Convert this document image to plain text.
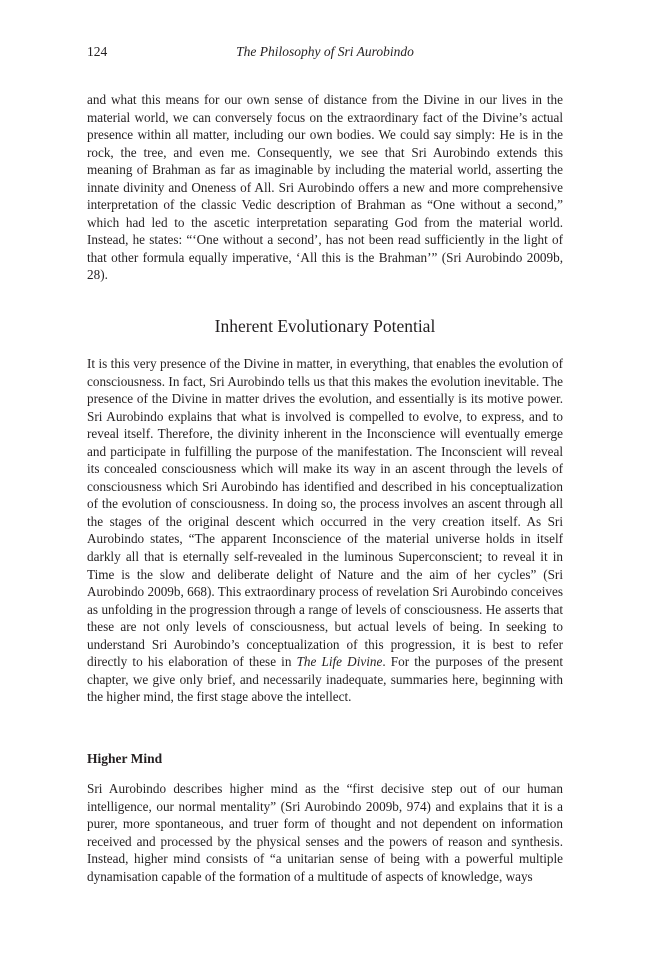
124	The Philosophy of Sri Aurobindo

and what this means for our own sense of distance from the Divine in our lives in the material world, we can conversely focus on the extraordinary fact of the Divine’s actual presence within all matter, including our own bodies. We could say simply: He is in the rock, the tree, and even me. Consequently, we see that Sri Aurobindo extends this meaning of Brahman as far as imaginable by including the material world, asserting the innate divinity and Oneness of All. Sri Aurobindo offers a new and more comprehensive interpretation of the classic Vedic description of Brahman as “One without a second,” which had led to the ascetic interpretation separating God from the material world. Instead, he states: “‘One without a second’, has not been read sufficiently in the light of that other formula equally imperative, ‘All this is the Brahman’” (Sri Aurobindo 2009b, 28).

Inherent Evolutionary Potential

It is this very presence of the Divine in matter, in everything, that enables the evolution of consciousness. In fact, Sri Aurobindo tells us that this makes the evolution inevitable. The presence of the Divine in matter drives the evolution, and essentially is its motive power. Sri Aurobindo explains that what is involved is compelled to evolve, to express, and to reveal itself. Therefore, the divinity inherent in the Inconscience will eventually emerge and participate in fulfilling the purpose of the manifestation. The Inconscient will reveal its concealed consciousness which will make its way in an ascent through the levels of consciousness which Sri Aurobindo has identified and described in his conceptualization of the evolution of consciousness. In doing so, the process involves an ascent through all the stages of the original descent which occurred in the very creation itself. As Sri Aurobindo states, “The apparent Inconscience of the material universe holds in itself darkly all that is eternally self-revealed in the luminous Superconscient; to reveal it in Time is the slow and deliberate delight of Nature and the aim of her cycles” (Sri Aurobindo 2009b, 668). This extraordinary process of revelation Sri Aurobindo conceives as unfolding in the progression through a range of levels of consciousness. He asserts that these are not only levels of consciousness, but actual levels of being. In seeking to understand Sri Aurobindo’s conceptualization of this progression, it is best to refer directly to his elaboration of these in The Life Divine. For the purposes of the present chapter, we give only brief, and necessarily inadequate, summaries here, beginning with the higher mind, the first stage above the intellect.

Higher Mind

Sri Aurobindo describes higher mind as the “first decisive step out of our human intelligence, our normal mentality” (Sri Aurobindo 2009b, 974) and explains that it is a purer, more spontaneous, and truer form of thought and not dependent on information received and processed by the physical senses and the powers of reason and synthesis. Instead, higher mind consists of “a unitarian sense of being with a powerful multiple dynamisation capable of the formation of a multitude of aspects of knowledge, ways
